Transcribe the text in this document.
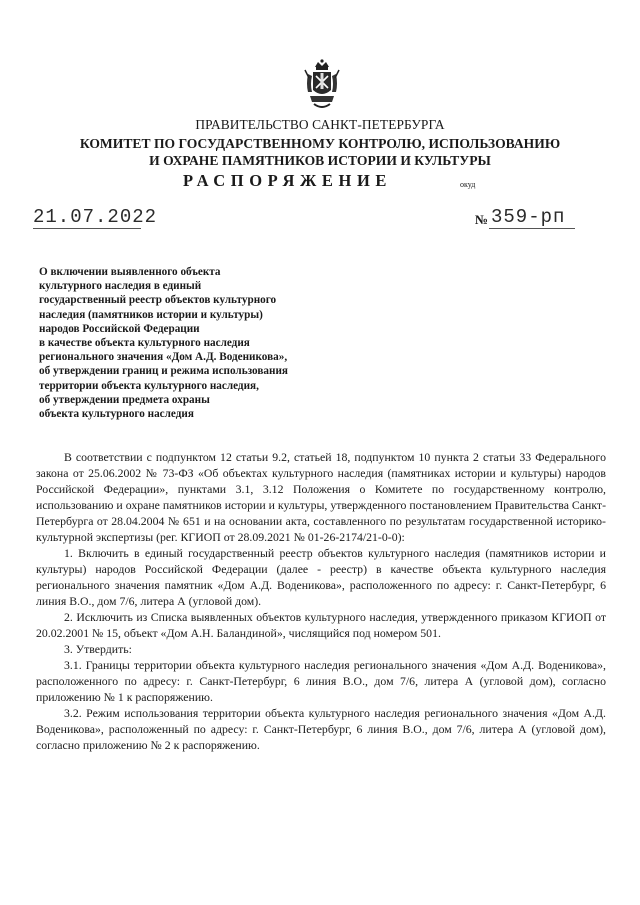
ПРАВИТЕЛЬСТВО САНКТ-ПЕТЕРБУРГА
КОМИТЕТ ПО ГОСУДАРСТВЕННОМУ КОНТРОЛЮ, ИСПОЛЬЗОВАНИЮ
И ОХРАНЕ ПАМЯТНИКОВ ИСТОРИИ И КУЛЬТУРЫ
РАСПОРЯЖЕНИЕ	окуд
21.07.2022	№ 359-рп
О включении выявленного объекта
культурного наследия в единый
государственный реестр объектов культурного
наследия (памятников истории и культуры)
народов Российской Федерации
в качестве объекта культурного наследия
регионального значения «Дом А.Д. Воденикова»,
об утверждении границ и режима использования
территории объекта культурного наследия,
об утверждении предмета охраны
объекта культурного наследия

В соответствии с подпунктом 12 статьи 9.2, статьей 18, подпунктом 10 пункта 2 статьи 33 Федерального закона от 25.06.2002 № 73-ФЗ «Об объектах культурного наследия (памятниках истории и культуры) народов Российской Федерации», пунктами 3.1, 3.12 Положения о Комитете по государственному контролю, использованию и охране памятников истории и культуры, утвержденного постановлением Правительства Санкт-Петербурга от 28.04.2004 № 651 и на основании акта, составленного по результатам государственной историко-культурной экспертизы (рег. КГИОП от 28.09.2021 № 01-26-2174/21-0-0):

1. Включить в единый государственный реестр объектов культурного наследия (памятников истории и культуры) народов Российской Федерации (далее - реестр) в качестве объекта культурного наследия регионального значения памятник «Дом А.Д. Воденикова», расположенного по адресу: г. Санкт-Петербург, 6 линия В.О., дом 7/6, литера А (угловой дом).

2. Исключить из Списка выявленных объектов культурного наследия, утвержденного приказом КГИОП от 20.02.2001 № 15, объект «Дом А.Н. Баландиной», числящийся под номером 501.

3. Утвердить:

3.1. Границы территории объекта культурного наследия регионального значения «Дом А.Д. Воденикова», расположенного по адресу: г. Санкт-Петербург, 6 линия В.О., дом 7/6, литера А (угловой дом), согласно приложению № 1 к распоряжению.

3.2. Режим использования территории объекта культурного наследия регионального значения «Дом А.Д. Воденикова», расположенный по адресу: г. Санкт-Петербург, 6 линия В.О., дом 7/6, литера А (угловой дом), согласно приложению № 2 к распоряжению.
